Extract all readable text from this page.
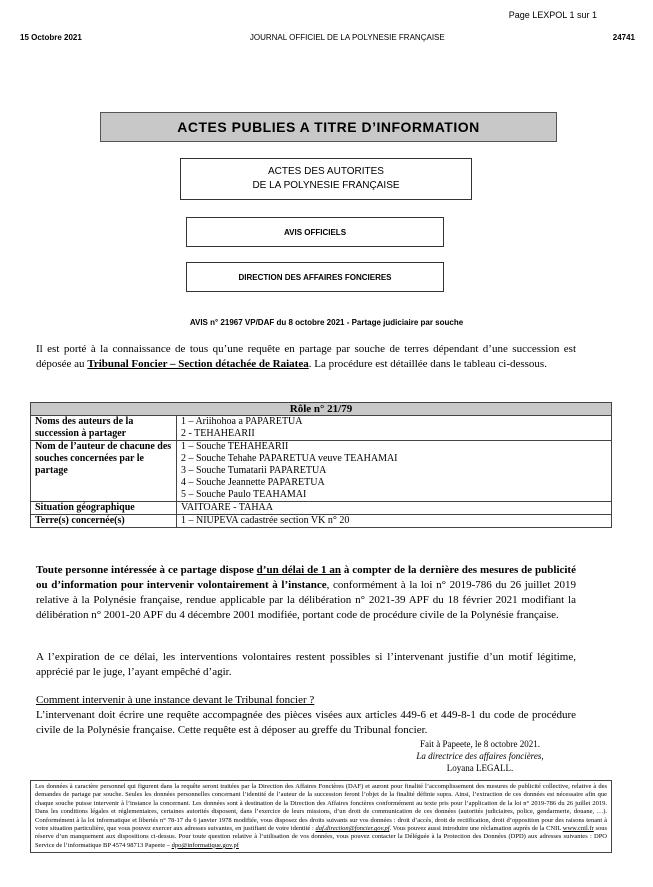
Page LEXPOL 1 sur 1
15 Octobre 2021	JOURNAL OFFICIEL DE LA POLYNESIE FRANÇAISE	24741
ACTES PUBLIES A TITRE D’INFORMATION
ACTES DES AUTORITES
DE LA POLYNESIE FRANÇAISE
AVIS OFFICIELS
DIRECTION DES AFFAIRES FONCIERES
AVIS n° 21967 VP/DAF du 8 octobre 2021 - Partage judiciaire par souche
Il est porté à la connaissance de tous qu’une requête en partage par souche de terres dépendant d’une succession est déposée au Tribunal Foncier – Section détachée de Raiatea. La procédure est détaillée dans le tableau ci-dessous.
Rôle n° 21/79	
Noms des auteurs de la succession à partager	1 – Ariihohoa a PAPARETUA
2 - TEHAHEARII

Nom de l’auteur de chacune des souches concernées par le partage	1 – Souche TEHAHEARII
2 – Souche Tehahe PAPARETUA veuve TEAHAMAI
3 – Souche Tumatarii PAPARETUA
4 – Souche Jeannette PAPARETUA
5 – Souche Paulo TEAHAMAI

Situation géographique	VAITOARE - TAHAA

Terre(s) concernée(s)	1 – NIUPEVA cadastrée section VK n° 20
Toute personne intéressée à ce partage dispose d’un délai de 1 an à compter de la dernière des mesures de publicité ou d’information pour intervenir volontairement à l’instance, conformément à la loi n° 2019-786 du 26 juillet 2019 relative à la Polynésie française, rendue applicable par la délibération n° 2021-39 APF du 18 février 2021 modifiant la délibération n° 2001-20 APF du 4 décembre 2001 modifiée, portant code de procédure civile de la Polynésie française.
A l’expiration de ce délai, les interventions volontaires restent possibles si l’intervenant justifie d’un motif légitime, apprécié par le juge, l’ayant empêché d’agir.
Comment intervenir à une instance devant le Tribunal foncier ?
L’intervenant doit écrire une requête accompagnée des pièces visées aux articles 449-6 et 449-8-1 du code de procédure civile de la Polynésie française. Cette requête est à déposer au greffe du Tribunal foncier.
Fait à Papeete, le 8 octobre 2021.
La directrice des affaires foncières,
Loyana LEGALL.
Les données à caractère personnel qui figurent dans la requête seront traitées par la Direction des Affaires Foncières (DAF) et auront pour finalité l’accomplissement des mesures de publicité collective, relative à des demandes de partage par souche. Seules les données personnelles concernant l’identité de l’auteur de la succession feront l’objet de la finalité définie supra. Ainsi, l’extraction de ces données est nécessaire afin que chaque souche puisse intervenir à l’instance la concernant. Les données sont à destination de la Direction des Affaires foncières conformément au texte pris pour l’application de la loi n° 2019-786 du 26 juillet 2019. Dans les conditions légales et réglementaires, certaines autorités disposent, dans l’exercice de leurs missions, d’un droit de communication de ces données (autorités judiciaires, police, gendarmerie, douane, …). Conformément à la loi informatique et libertés n° 78-17 du 6 janvier 1978 modifiée, vous disposez des droits suivants sur vos données : droit d’accès, droit de rectification, droit d’opposition pour des raisons tenant à votre situation particulière, que vous pouvez exercer aux adresses suivantes, en justifiant de votre identité : daf.direction@foncier.gov.pf. Vous pouvez aussi introduire une réclamation auprès de la CNIL www.cnil.fr sous réserve d’un manquement aux dispositions ci-dessus. Pour toute question relative à l’utilisation de vos données, vous pouvez contacter la Déléguée à la Protection des Données (DPD) aux adresses suivantes : DPO Service de l’informatique BP 4574 98713 Papeete – dpo@informatique.gov.pf
